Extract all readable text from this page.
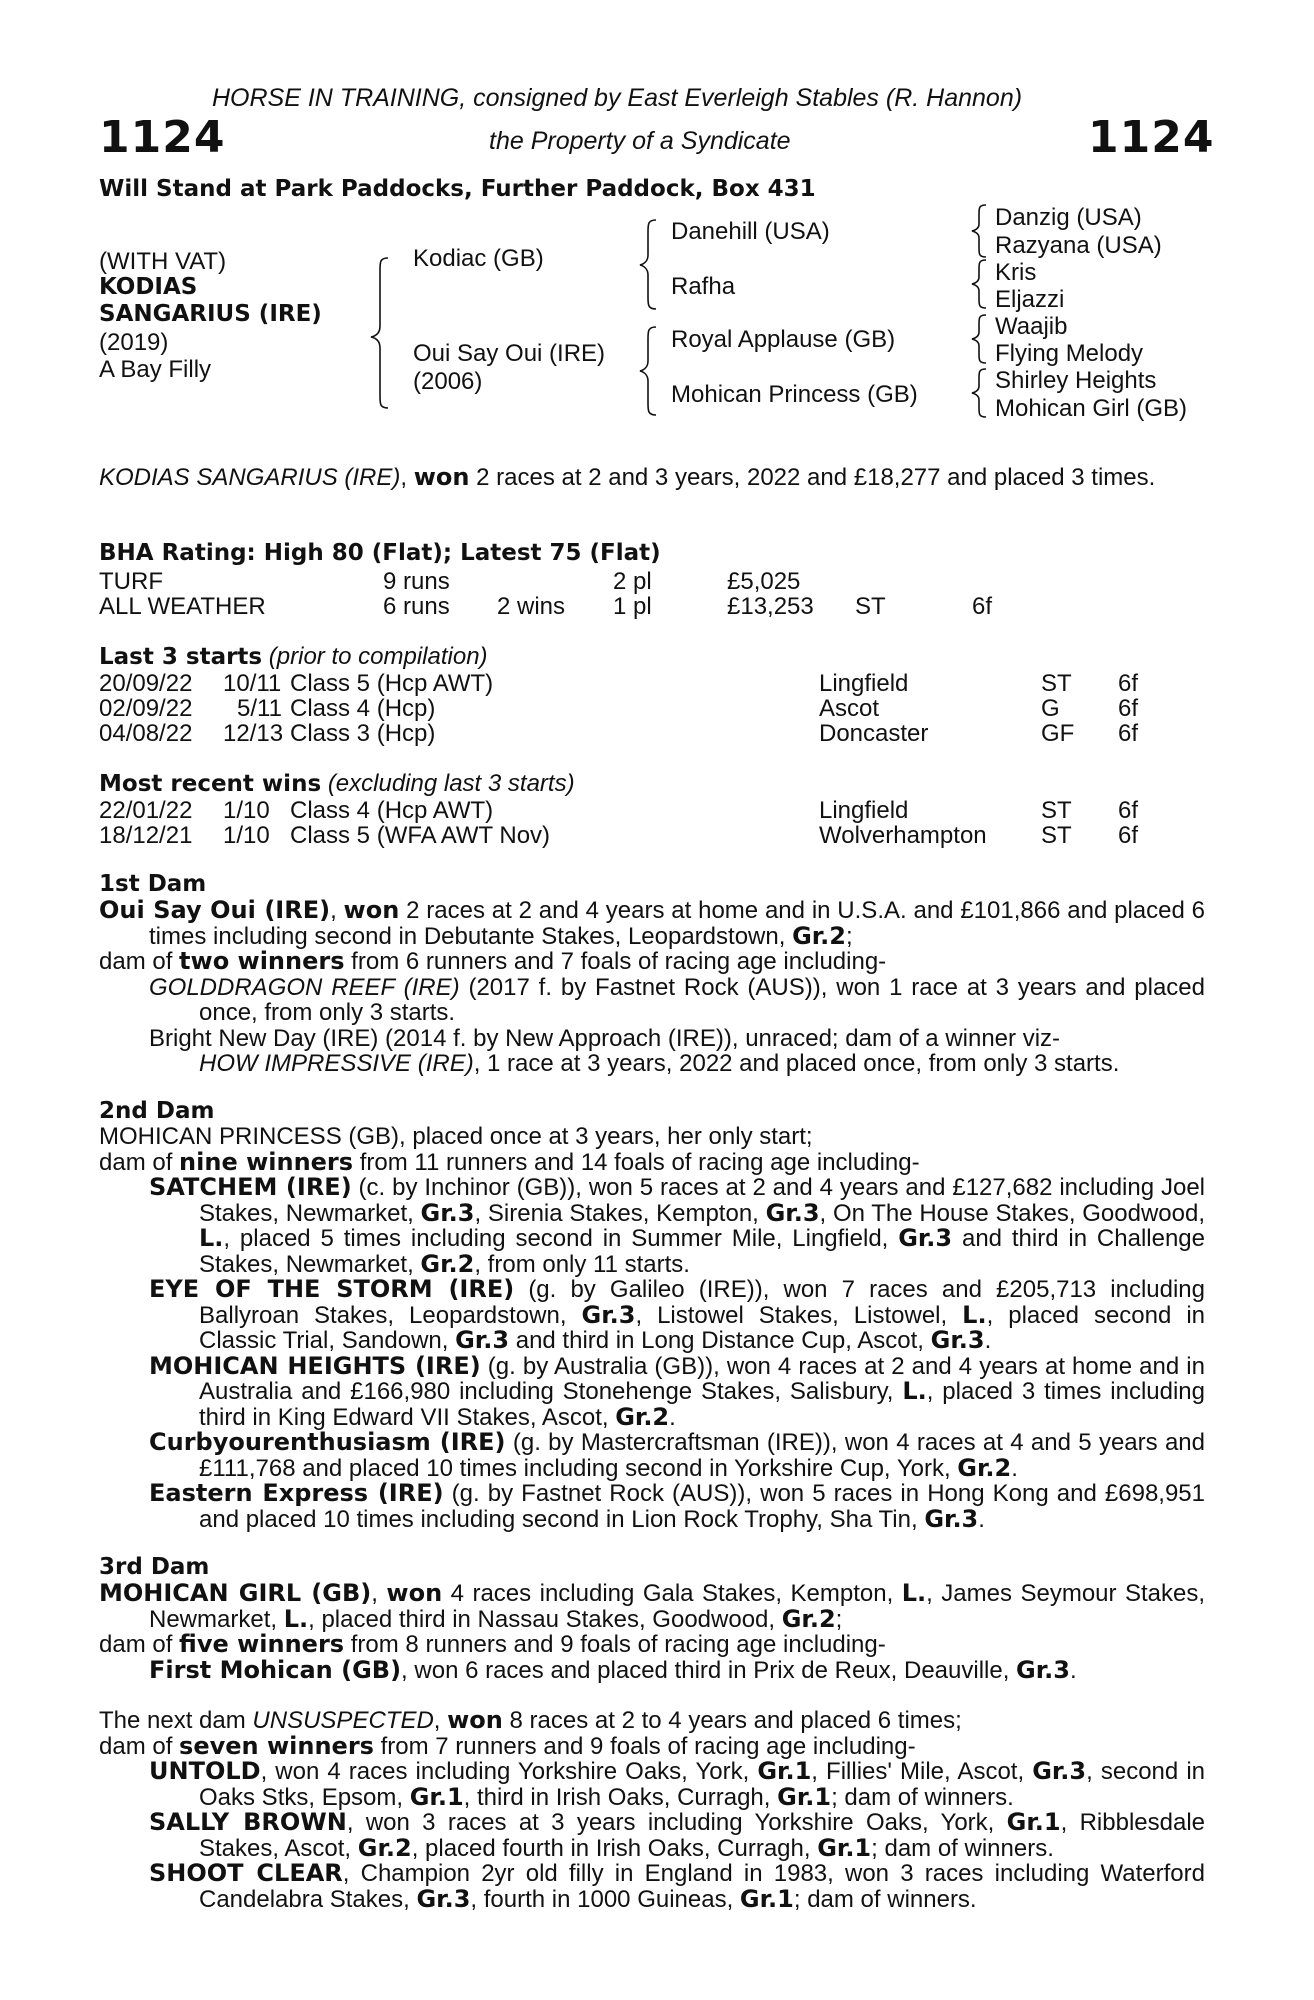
HORSE IN TRAINING, consigned by East Everleigh Stables (R. Hannon)
1124	the Property of a Syndicate	1124
Will Stand at Park Paddocks, Further Paddock, Box 431
(WITH VAT)
KODIAS
SANGARIUS (IRE)
(2019)
A Bay Filly
Kodiac (GB)
Oui Say Oui (IRE)
(2006)
Danehill (USA)
Rafha
Royal Applause (GB)
Mohican Princess (GB)
Danzig (USA)
Razyana (USA)
Kris
Eljazzi
Waajib
Flying Melody
Shirley Heights
Mohican Girl (GB)

KODIAS SANGARIUS (IRE), won 2 races at 2 and 3 years, 2022 and £18,277 and placed 3 times.

BHA Rating: High 80 (Flat); Latest 75 (Flat)
TURF	9 runs	2 pl	£5,025
ALL WEATHER	6 runs 2 wins 1 pl	£13,253 ST	6f
Last 3 starts (prior to compilation)
20/09/22 10/11 Class 5 (Hcp AWT)	Lingfield	ST 6f
02/09/22 5/11 Class 4 (Hcp)	Ascot	G 6f
04/08/22 12/13 Class 3 (Hcp)	Doncaster	GF 6f
Most recent wins (excluding last 3 starts)
22/01/22 1/10 Class 4 (Hcp AWT)	Lingfield	ST 6f
18/12/21 1/10 Class 5 (WFA AWT Nov)	Wolverhampton ST 6f
1st Dam

Oui Say Oui (IRE), won 2 races at 2 and 4 years at home and in U.S.A. and £101,866 and placed 6 times including second in Debutante Stakes, Leopardstown, Gr.2;

dam of two winners from 6 runners and 7 foals of racing age including-

GOLDDRAGON REEF (IRE) (2017 f. by Fastnet Rock (AUS)), won 1 race at 3 years and placed once, from only 3 starts.

Bright New Day (IRE) (2014 f. by New Approach (IRE)), unraced; dam of a winner viz-

HOW IMPRESSIVE (IRE), 1 race at 3 years, 2022 and placed once, from only 3 starts.

2nd Dam

MOHICAN PRINCESS (GB), placed once at 3 years, her only start;

dam of nine winners from 11 runners and 14 foals of racing age including-

SATCHEM (IRE) (c. by Inchinor (GB)), won 5 races at 2 and 4 years and £127,682 including Joel Stakes, Newmarket, Gr.3, Sirenia Stakes, Kempton, Gr.3, On The House Stakes, Goodwood, L., placed 5 times including second in Summer Mile, Lingfield, Gr.3 and third in Challenge Stakes, Newmarket, Gr.2, from only 11 starts.

EYE OF THE STORM (IRE) (g. by Galileo (IRE)), won 7 races and £205,713 including Ballyroan Stakes, Leopardstown, Gr.3, Listowel Stakes, Listowel, L., placed second in Classic Trial, Sandown, Gr.3 and third in Long Distance Cup, Ascot, Gr.3.

MOHICAN HEIGHTS (IRE) (g. by Australia (GB)), won 4 races at 2 and 4 years at home and in Australia and £166,980 including Stonehenge Stakes, Salisbury, L., placed 3 times including third in King Edward VII Stakes, Ascot, Gr.2.

Curbyourenthusiasm (IRE) (g. by Mastercraftsman (IRE)), won 4 races at 4 and 5 years and £111,768 and placed 10 times including second in Yorkshire Cup, York, Gr.2.

Eastern Express (IRE) (g. by Fastnet Rock (AUS)), won 5 races in Hong Kong and £698,951 and placed 10 times including second in Lion Rock Trophy, Sha Tin, Gr.3.

3rd Dam

MOHICAN GIRL (GB), won 4 races including Gala Stakes, Kempton, L., James Seymour Stakes, Newmarket, L., placed third in Nassau Stakes, Goodwood, Gr.2;

dam of five winners from 8 runners and 9 foals of racing age including-

First Mohican (GB), won 6 races and placed third in Prix de Reux, Deauville, Gr.3.

The next dam UNSUSPECTED, won 8 races at 2 to 4 years and placed 6 times;

dam of seven winners from 7 runners and 9 foals of racing age including-

UNTOLD, won 4 races including Yorkshire Oaks, York, Gr.1, Fillies' Mile, Ascot, Gr.3, second in Oaks Stks, Epsom, Gr.1, third in Irish Oaks, Curragh, Gr.1; dam of winners.

SALLY BROWN, won 3 races at 3 years including Yorkshire Oaks, York, Gr.1, Ribblesdale Stakes, Ascot, Gr.2, placed fourth in Irish Oaks, Curragh, Gr.1; dam of winners.

SHOOT CLEAR, Champion 2yr old filly in England in 1983, won 3 races including Waterford Candelabra Stakes, Gr.3, fourth in 1000 Guineas, Gr.1; dam of winners.
